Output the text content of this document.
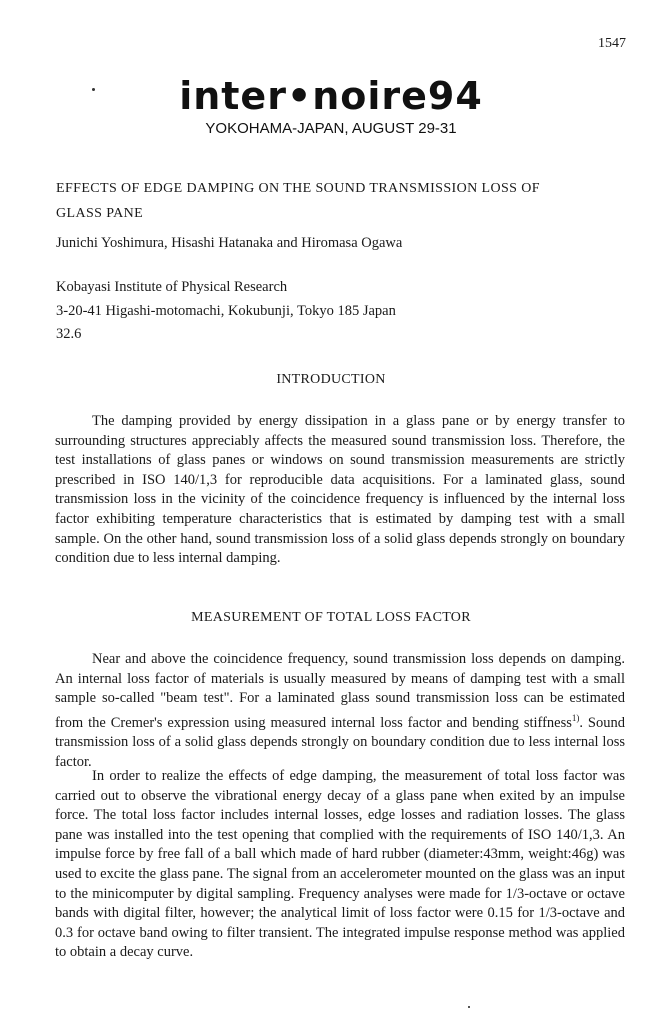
1547
inter•noire94
YOKOHAMA-JAPAN, AUGUST 29-31
EFFECTS OF EDGE DAMPING ON THE SOUND TRANSMISSION LOSS OF
GLASS PANE
Junichi Yoshimura, Hisashi Hatanaka and Hiromasa Ogawa
Kobayasi Institute of Physical Research
3-20-41 Higashi-motomachi, Kokubunji, Tokyo 185 Japan
32.6
INTRODUCTION

The damping provided by energy dissipation in a glass pane or by energy transfer to surrounding structures appreciably affects the measured sound transmission loss. Therefore, the test installations of glass panes or windows on sound transmission measurements are strictly prescribed in ISO 140/1,3 for reproducible data acquisitions. For a laminated glass, sound transmission loss in the vicinity of the coincidence frequency is influenced by the internal loss factor exhibiting temperature characteristics that is estimated by damping test with a small sample. On the other hand, sound transmission loss of a solid glass depends strongly on boundary condition due to less internal damping.

MEASUREMENT OF TOTAL LOSS FACTOR

Near and above the coincidence frequency, sound transmission loss depends on damping. An internal loss factor of materials is usually measured by means of damping test with a small sample so-called "beam test". For a laminated glass sound transmission loss can be estimated from the Cremer's expression using measured internal loss factor and bending stiffness$^{1)}$. Sound transmission loss of a solid glass depends strongly on boundary condition due to less internal loss factor.

In order to realize the effects of edge damping, the measurement of total loss factor was carried out to observe the vibrational energy decay of a glass pane when exited by an impulse force. The total loss factor includes internal losses, edge losses and radiation losses. The glass pane was installed into the test opening that complied with the requirements of ISO 140/1,3. An impulse force by free fall of a ball which made of hard rubber (diameter:43mm, weight:46g) was used to excite the glass pane. The signal from an accelerometer mounted on the glass was an input to the minicomputer by digital sampling. Frequency analyses were made for 1/3-octave or octave bands with digital filter, however; the analytical limit of loss factor were 0.15 for 1/3-octave and 0.3 for octave band owing to filter transient. The integrated impulse response method was applied to obtain a decay curve.
